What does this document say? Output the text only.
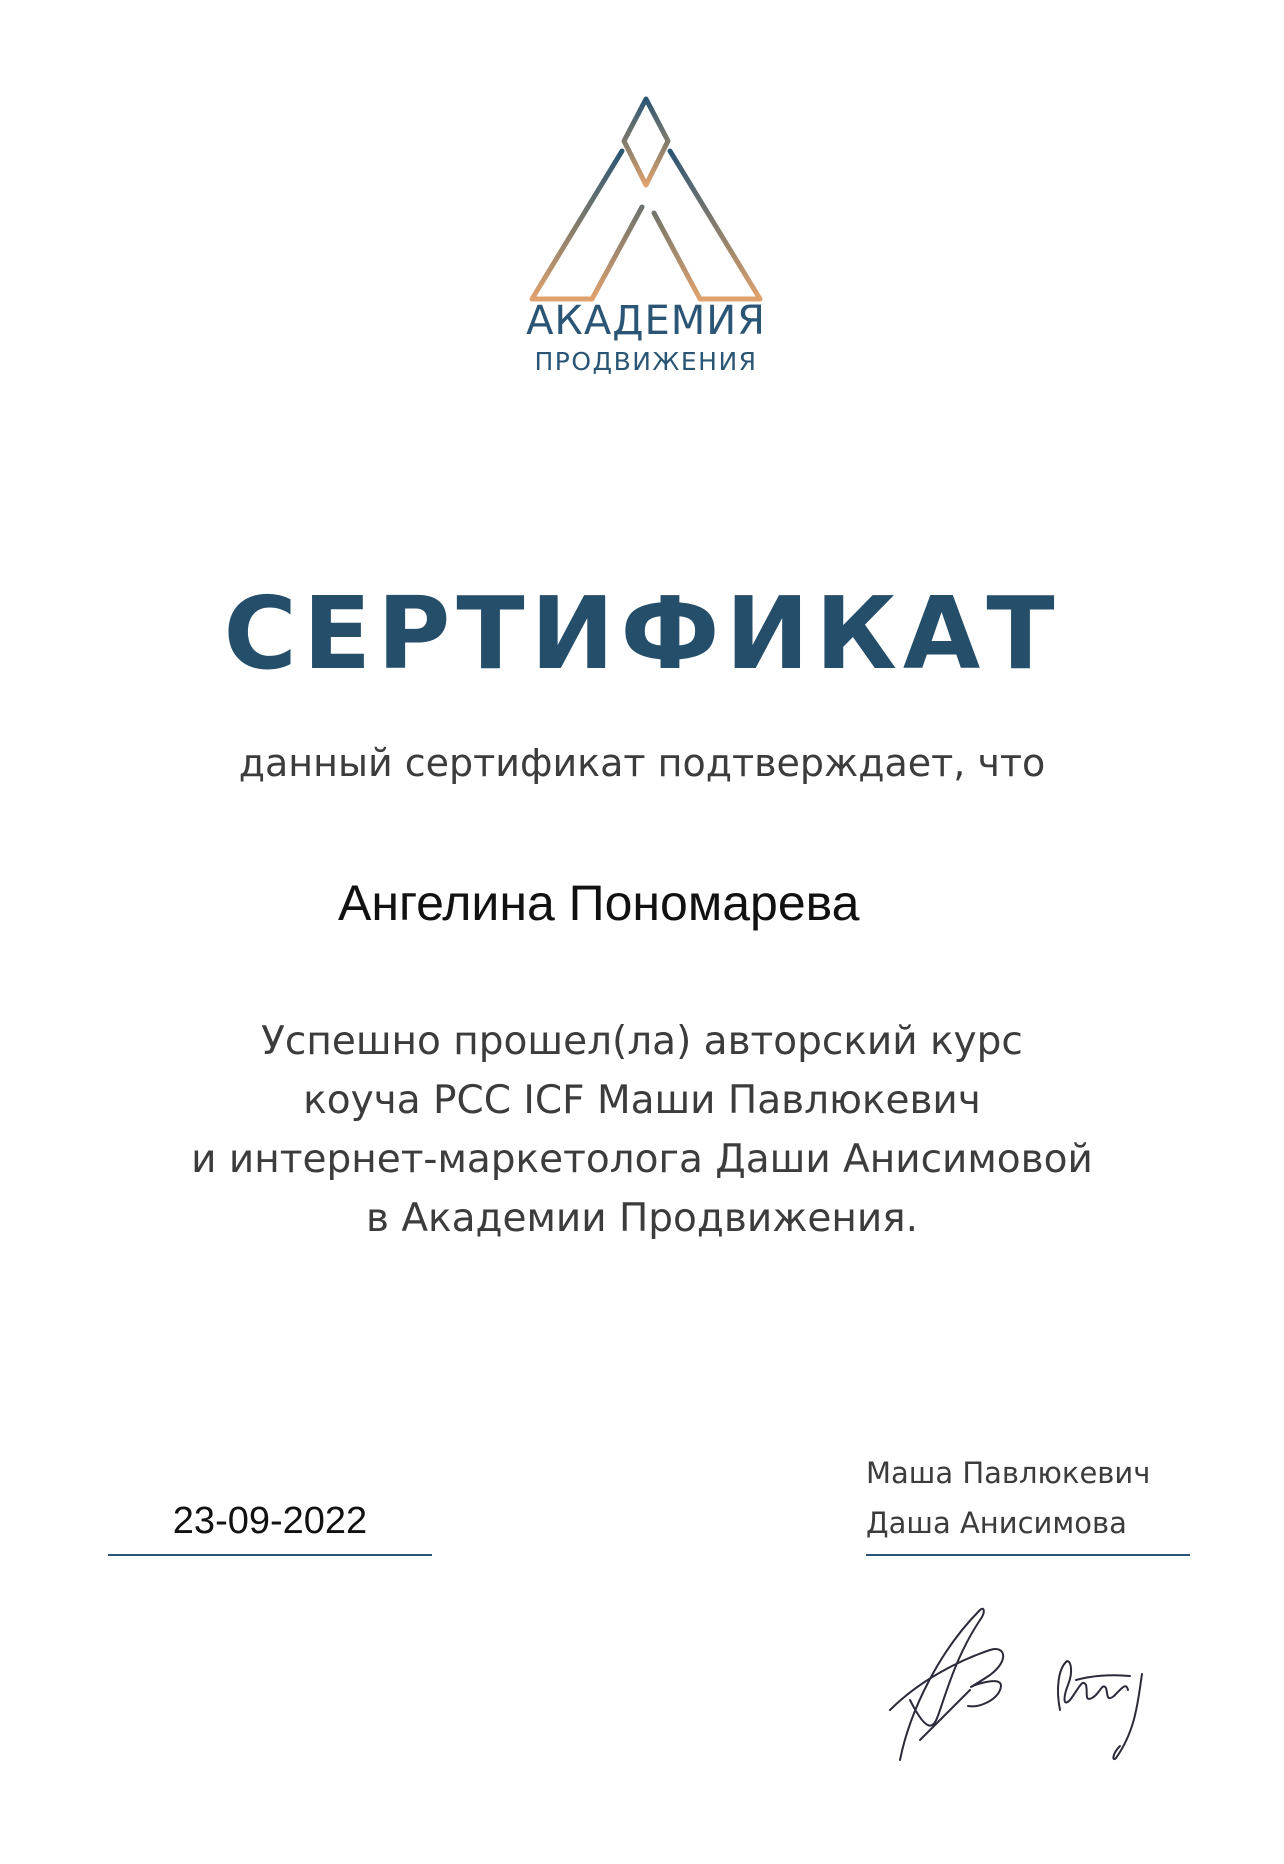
АКАДЕМИЯ
ПРОДВИЖЕНИЯ
СЕРТИФИКАТ
данный сертификат подтверждает, что
Ангелина Пономарева
Успешно прошел(ла) авторский курс
коуча PCC ICF Маши Павлюкевич
и интернет-маркетолога Даши Анисимовой
в Академии Продвижения.
23-09-2022
Маша Павлюкевич
Даша Анисимова
